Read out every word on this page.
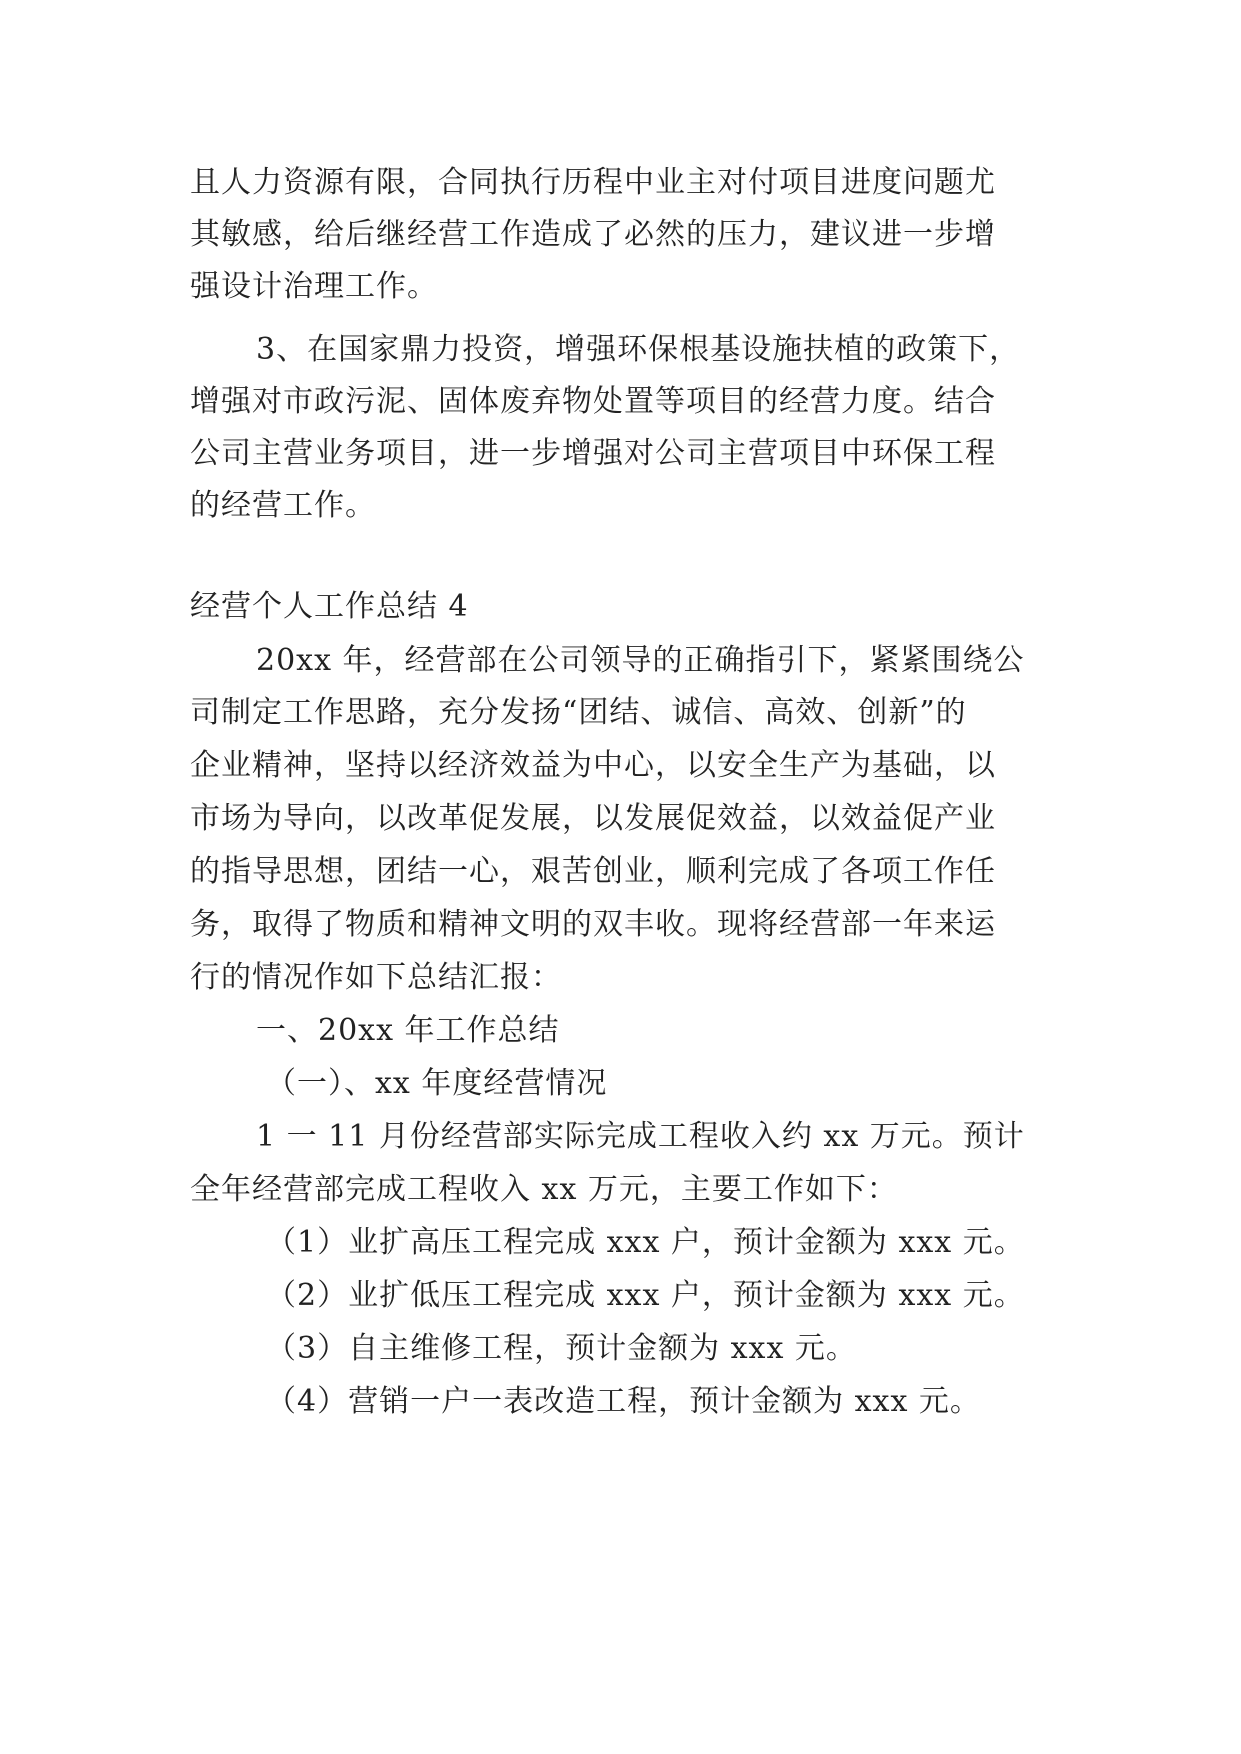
且人力资源有限，合同执行历程中业主对付项目进度问题尤
其敏感，给后继经营工作造成了必然的压力，建议进一步增
强设计治理工作。
3、在国家鼎力投资，增强环保根基设施扶植的政策下，
增强对市政污泥、固体废弃物处置等项目的经营力度。结合
公司主营业务项目，进一步增强对公司主营项目中环保工程
的经营工作。
经营个人工作总结 4
20xx 年，经营部在公司领导的正确指引下，紧紧围绕公
司制定工作思路，充分发扬“团结、诚信、高效、创新”的
企业精神，坚持以经济效益为中心，以安全生产为基础，以
市场为导向，以改革促发展，以发展促效益，以效益促产业
的指导思想，团结一心，艰苦创业，顺利完成了各项工作任
务，取得了物质和精神文明的双丰收。现将经营部一年来运
行的情况作如下总结汇报：
一、20xx 年工作总结
（一）、xx 年度经营情况
1 一 11 月份经营部实际完成工程收入约 xx 万元。预计
全年经营部完成工程收入 xx 万元，主要工作如下：
（1）业扩高压工程完成 xxx 户，预计金额为 xxx 元。
（2）业扩低压工程完成 xxx 户，预计金额为 xxx 元。
（3）自主维修工程，预计金额为 xxx 元。
（4）营销一户一表改造工程，预计金额为 xxx 元。
